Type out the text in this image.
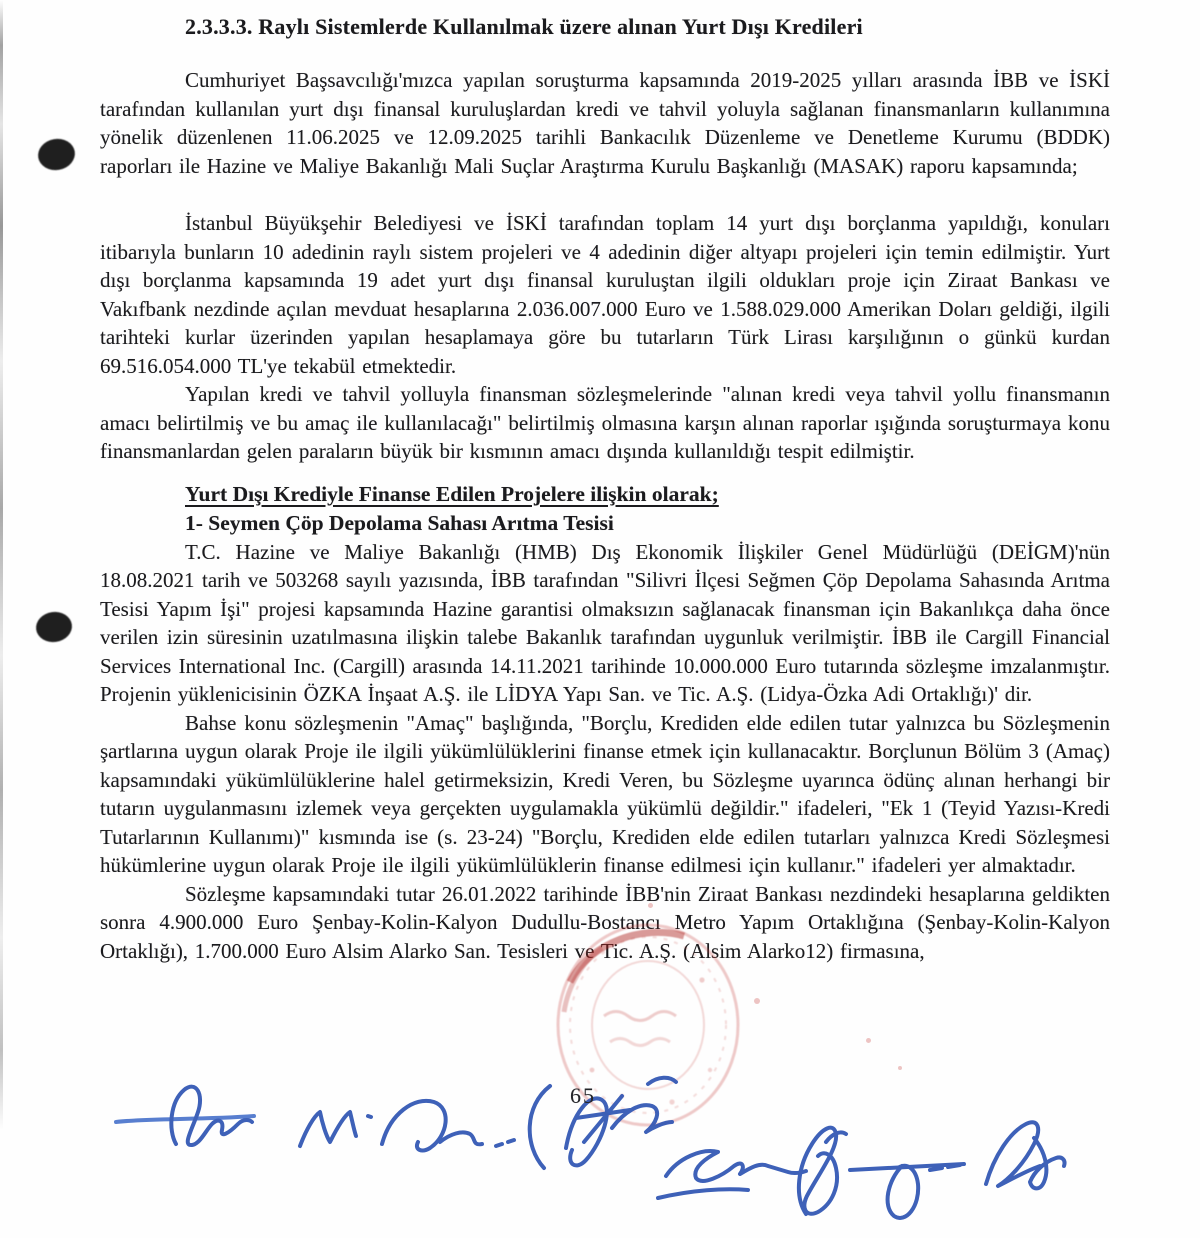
2.3.3.3. Raylı Sistemlerde Kullanılmak üzere alınan Yurt Dışı Kredileri

Cumhuriyet Başsavcılığı'mızca yapılan soruşturma kapsamında 2019-2025 yılları arasında İBB ve İSKİ tarafından kullanılan yurt dışı finansal kuruluşlardan kredi ve tahvil yoluyla sağlanan finansmanların kullanımına yönelik düzenlenen 11.06.2025 ve 12.09.2025 tarihli Bankacılık Düzenleme ve Denetleme Kurumu (BDDK) raporları ile Hazine ve Maliye Bakanlığı Mali Suçlar Araştırma Kurulu Başkanlığı (MASAK) raporu kapsamında;

İstanbul Büyükşehir Belediyesi ve İSKİ tarafından toplam 14 yurt dışı borçlanma yapıldığı, konuları itibarıyla bunların 10 adedinin raylı sistem projeleri ve 4 adedinin diğer altyapı projeleri için temin edilmiştir. Yurt dışı borçlanma kapsamında 19 adet yurt dışı finansal kuruluştan ilgili oldukları proje için Ziraat Bankası ve Vakıfbank nezdinde açılan mevduat hesaplarına 2.036.007.000 Euro ve 1.588.029.000 Amerikan Doları geldiği, ilgili tarihteki kurlar üzerinden yapılan hesaplamaya göre bu tutarların Türk Lirası karşılığının o günkü kurdan 69.516.054.000 TL'ye tekabül etmektedir.

Yapılan kredi ve tahvil yolluyla finansman sözleşmelerinde "alınan kredi veya tahvil yollu finansmanın amacı belirtilmiş ve bu amaç ile kullanılacağı" belirtilmiş olmasına karşın alınan raporlar ışığında soruşturmaya konu finansmanlardan gelen paraların büyük bir kısmının amacı dışında kullanıldığı tespit edilmiştir.

Yurt Dışı Krediyle Finanse Edilen Projelere ilişkin olarak;

1- Seymen Çöp Depolama Sahası Arıtma Tesisi

T.C. Hazine ve Maliye Bakanlığı (HMB) Dış Ekonomik İlişkiler Genel Müdürlüğü (DEİGM)'nün 18.08.2021 tarih ve 503268 sayılı yazısında, İBB tarafından "Silivri İlçesi Seğmen Çöp Depolama Sahasında Arıtma Tesisi Yapım İşi" projesi kapsamında Hazine garantisi olmaksızın sağlanacak finansman için Bakanlıkça daha önce verilen izin süresinin uzatılmasına ilişkin talebe Bakanlık tarafından uygunluk verilmiştir. İBB ile Cargill Financial Services International Inc. (Cargill) arasında 14.11.2021 tarihinde 10.000.000 Euro tutarında sözleşme imzalanmıştır. Projenin yüklenicisinin ÖZKA İnşaat A.Ş. ile LİDYA Yapı San. ve Tic. A.Ş. (Lidya-Özka Adi Ortaklığı)' dir.

Bahse konu sözleşmenin "Amaç" başlığında, "Borçlu, Krediden elde edilen tutar yalnızca bu Sözleşmenin şartlarına uygun olarak Proje ile ilgili yükümlülüklerini finanse etmek için kullanacaktır. Borçlunun Bölüm 3 (Amaç) kapsamındaki yükümlülüklerine halel getirmeksizin, Kredi Veren, bu Sözleşme uyarınca ödünç alınan herhangi bir tutarın uygulanmasını izlemek veya gerçekten uygulamakla yükümlü değildir." ifadeleri, "Ek 1 (Teyid Yazısı-Kredi Tutarlarının Kullanımı)" kısmında ise (s. 23-24) "Borçlu, Krediden elde edilen tutarları yalnızca Kredi Sözleşmesi hükümlerine uygun olarak Proje ile ilgili yükümlülüklerin finanse edilmesi için kullanır." ifadeleri yer almaktadır.

Sözleşme kapsamındaki tutar 26.01.2022 tarihinde İBB'nin Ziraat Bankası nezdindeki hesaplarına geldikten sonra 4.900.000 Euro Şenbay-Kolin-Kalyon Dudullu-Bostancı Metro Yapım Ortaklığına (Şenbay-Kolin-Kalyon Ortaklığı), 1.700.000 Euro Alsim Alarko San. Tesisleri ve Tic. A.Ş. (Alsim Alarko12) firmasına,

65
